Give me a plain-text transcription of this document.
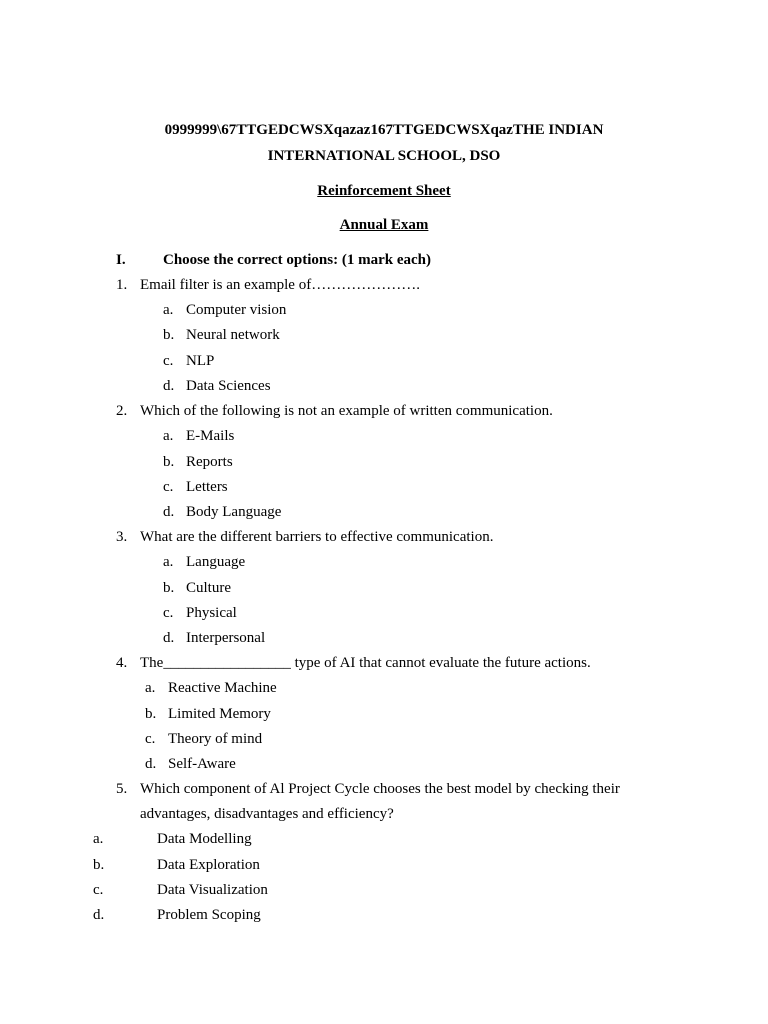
0999999\67TTGEDCWSXqazaz167TTGEDCWSXqazTHE INDIAN
INTERNATIONAL SCHOOL, DSO
Reinforcement Sheet
Annual Exam
I. Choose the correct options: (1 mark each)
1. Email filter is an example of………………….
a. Computer vision
b. Neural network
c. NLP
d. Data Sciences
2. Which of the following is not an example of written communication.
a. E-Mails
b. Reports
c. Letters
d. Body Language
3. What are the different barriers to effective communication.
a. Language
b. Culture
c. Physical
d. Interpersonal
4. The_________________ type of AI that cannot evaluate the future actions.
a. Reactive Machine
b. Limited Memory
c. Theory of mind
d. Self-Aware
5. Which component of Al Project Cycle chooses the best model by checking their
advantages, disadvantages and efficiency?
a.	Data Modelling
b.	Data Exploration
c.	Data Visualization
d.	Problem Scoping
